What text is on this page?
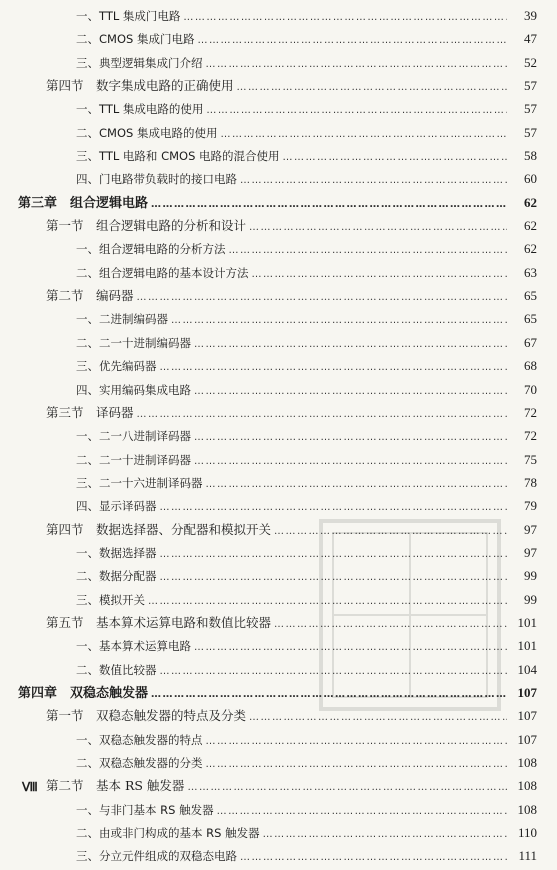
一、TTL 集成门电路 ………………………………………………………………………………………………………………………………………………………………………………………………	39
二、CMOS 集成门电路 ………………………………………………………………………………………………………………………………………………………………………………………………	47
三、典型逻辑集成门介绍 ………………………………………………………………………………………………………………………………………………………………………………………………	52
第四节　数字集成电路的正确使用 ………………………………………………………………………………………………………………………………………………………………………………………………	57
一、TTL 集成电路的使用 ………………………………………………………………………………………………………………………………………………………………………………………………	57
二、CMOS 集成电路的使用 ………………………………………………………………………………………………………………………………………………………………………………………………	57
三、TTL 电路和 CMOS 电路的混合使用 ………………………………………………………………………………………………………………………………………………………………………………………………	58
四、门电路带负载时的接口电路 ………………………………………………………………………………………………………………………………………………………………………………………………	60
第三章　组合逻辑电路 ………………………………………………………………………………………………………………………………………………………………………………………………	62
第一节　组合逻辑电路的分析和设计 ………………………………………………………………………………………………………………………………………………………………………………………………	62
一、组合逻辑电路的分析方法 ………………………………………………………………………………………………………………………………………………………………………………………………	62
二、组合逻辑电路的基本设计方法 ………………………………………………………………………………………………………………………………………………………………………………………………	63
第二节　编码器 ………………………………………………………………………………………………………………………………………………………………………………………………	65
一、二进制编码器 ………………………………………………………………………………………………………………………………………………………………………………………………	65
二、二一十进制编码器 ………………………………………………………………………………………………………………………………………………………………………………………………	67
三、优先编码器 ………………………………………………………………………………………………………………………………………………………………………………………………	68
四、实用编码集成电路 ………………………………………………………………………………………………………………………………………………………………………………………………	70
第三节　译码器 ………………………………………………………………………………………………………………………………………………………………………………………………	72
一、二一八进制译码器 ………………………………………………………………………………………………………………………………………………………………………………………………	72
二、二一十进制译码器 ………………………………………………………………………………………………………………………………………………………………………………………………	75
三、二一十六进制译码器 ………………………………………………………………………………………………………………………………………………………………………………………………	78
四、显示译码器 ………………………………………………………………………………………………………………………………………………………………………………………………	79
第四节　数据选择器、分配器和模拟开关 ………………………………………………………………………………………………………………………………………………………………………………………………	97
一、数据选择器 ………………………………………………………………………………………………………………………………………………………………………………………………	97
二、数据分配器 ………………………………………………………………………………………………………………………………………………………………………………………………	99
三、模拟开关 ………………………………………………………………………………………………………………………………………………………………………………………………	99
第五节　基本算术运算电路和数值比较器 ………………………………………………………………………………………………………………………………………………………………………………………………	101
一、基本算术运算电路 ………………………………………………………………………………………………………………………………………………………………………………………………	101
二、数值比较器 ………………………………………………………………………………………………………………………………………………………………………………………………	104
第四章　双稳态触发器 ………………………………………………………………………………………………………………………………………………………………………………………………	107
第一节　双稳态触发器的特点及分类 ………………………………………………………………………………………………………………………………………………………………………………………………	107
一、双稳态触发器的特点 ………………………………………………………………………………………………………………………………………………………………………………………………	107
二、双稳态触发器的分类 ………………………………………………………………………………………………………………………………………………………………………………………………	108
第二节　基本 RS 触发器 ………………………………………………………………………………………………………………………………………………………………………………………………	108
一、与非门基本 RS 触发器 ………………………………………………………………………………………………………………………………………………………………………………………………	108
二、由或非门构成的基本 RS 触发器 ………………………………………………………………………………………………………………………………………………………………………………………………	110
三、分立元件组成的双稳态电路 ………………………………………………………………………………………………………………………………………………………………………………………………	111
Ⅷ
